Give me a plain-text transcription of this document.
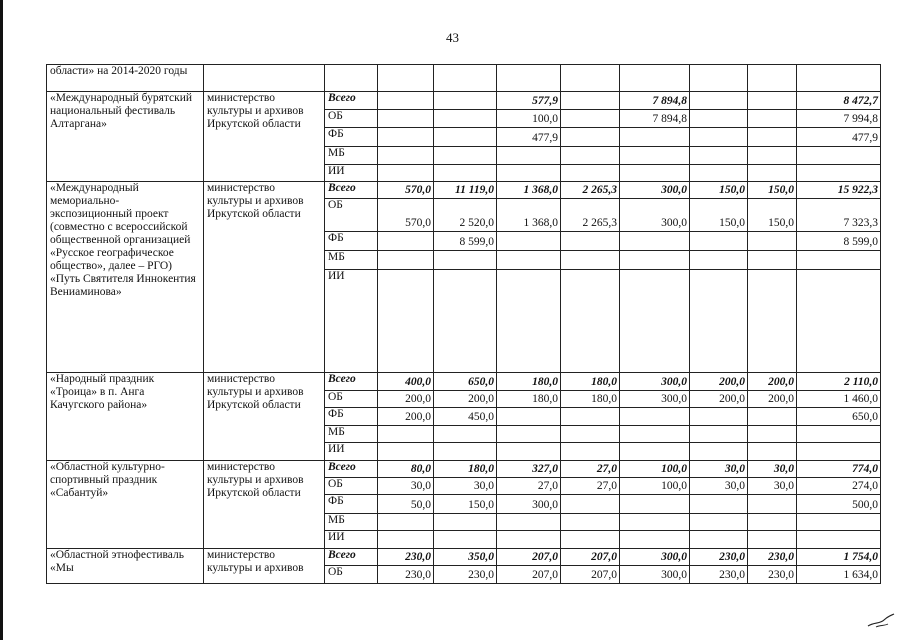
43
области» на 2014-2020 годы										
«Международный бурятский национальный фестиваль Алтаргана»	министерство культуры и архивов Иркутской области	Всего			577,9		7 894,8			8 472,7
		ОБ			100,0		7 894,8			7 994,8
		ФБ			477,9					477,9
		МБ								
		ИИ								
«Международный мемориально-экспозиционный проект (совместно с всероссийской общественной организацией «Русское географическое общество», далее – РГО) «Путь Святителя Иннокентия Вениаминова»	министерство культуры и архивов Иркутской области	Всего	570,0	11 119,0	1 368,0	2 265,3	300,0	150,0	150,0	15 922,3
		ОБ	570,0	2 520,0	1 368,0	2 265,3	300,0	150,0	150,0	7 323,3
		ФБ		8 599,0						8 599,0
		МБ								
		ИИ								
«Народный праздник «Троица» в п. Анга Качугского района»	министерство культуры и архивов Иркутской области	Всего	400,0	650,0	180,0	180,0	300,0	200,0	200,0	2 110,0
		ОБ	200,0	200,0	180,0	180,0	300,0	200,0	200,0	1 460,0
		ФБ	200,0	450,0						650,0
		МБ								
		ИИ								
«Областной культурно-спортивный праздник «Сабантуй»	министерство культуры и архивов Иркутской области	Всего	80,0	180,0	327,0	27,0	100,0	30,0	30,0	774,0
		ОБ	30,0	30,0	27,0	27,0	100,0	30,0	30,0	274,0
		ФБ	50,0	150,0	300,0					500,0
		МБ								
		ИИ								
«Областной этнофестиваль «Мы	министерство культуры и архивов	Всего	230,0	350,0	207,0	207,0	300,0	230,0	230,0	1 754,0
		ОБ	230,0	230,0	207,0	207,0	300,0	230,0	230,0	1 634,0
